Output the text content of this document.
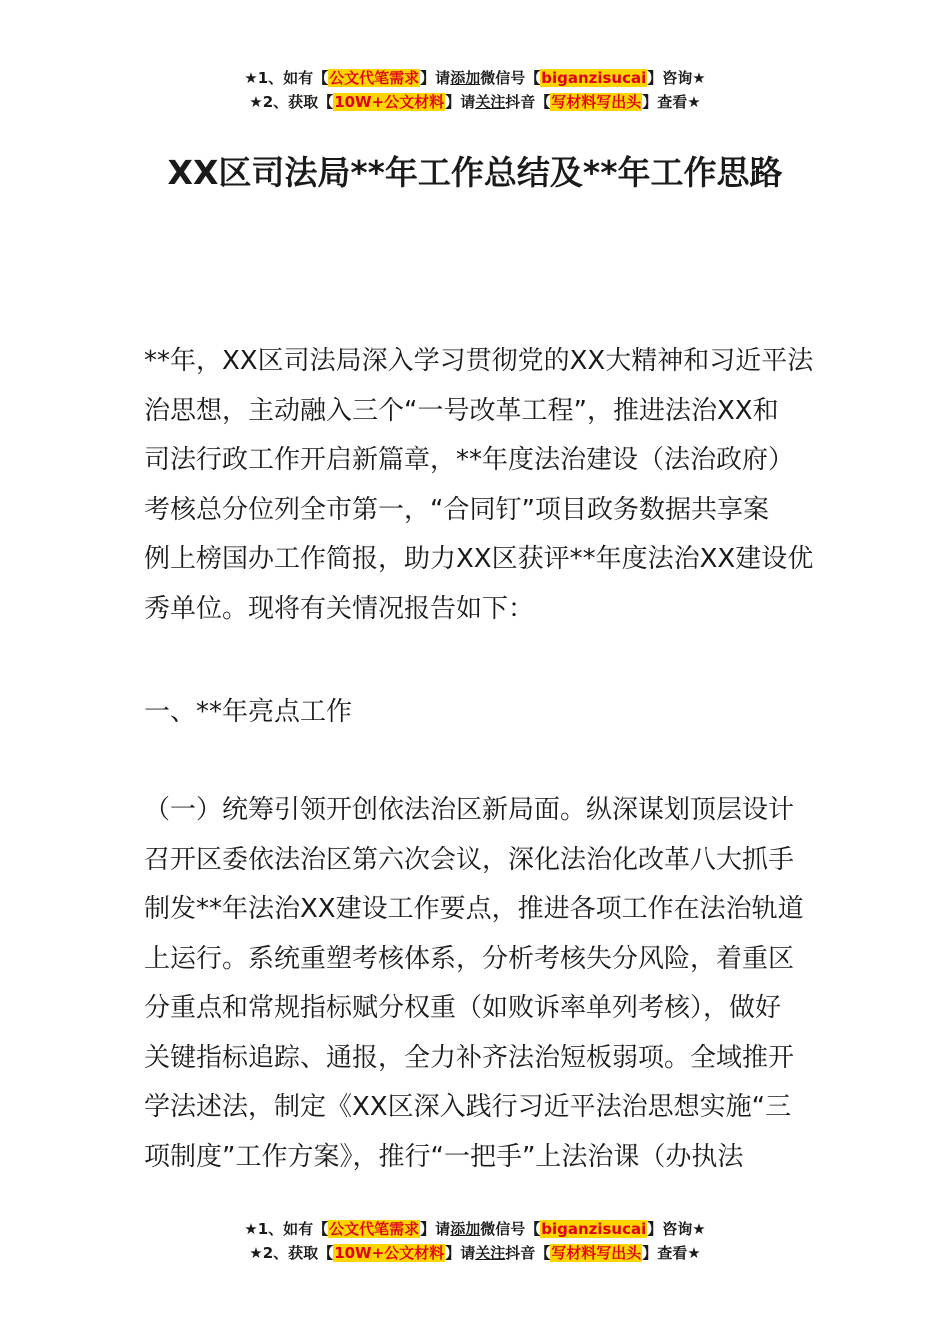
★1、如有【公文代笔需求】请添加微信号【biganzisucai】咨询★
★2、获取【10W+公文材料】请关注抖音【写材料写出头】查看★
XX区司法局**年工作总结及**年工作思路
**年，XX区司法局深入学习贯彻党的XX大精神和习近平法
治思想，主动融入三个“一号改革工程”，推进法治XX和
司法行政工作开启新篇章，**年度法治建设（法治政府）
考核总分位列全市第一，“合同钉”项目政务数据共享案
例上榜国办工作简报，助力XX区获评**年度法治XX建设优
秀单位。现将有关情况报告如下：
一、**年亮点工作
（一）统筹引领开创依法治区新局面。纵深谋划顶层设计
召开区委依法治区第六次会议，深化法治化改革八大抓手
制发**年法治XX建设工作要点，推进各项工作在法治轨道
上运行。系统重塑考核体系，分析考核失分风险，着重区
分重点和常规指标赋分权重（如败诉率单列考核），做好
关键指标追踪、通报，全力补齐法治短板弱项。全域推开
学法述法，制定《XX区深入践行习近平法治思想实施“三
项制度”工作方案》，推行“一把手”上法治课（办执法
★1、如有【公文代笔需求】请添加微信号【biganzisucai】咨询★
★2、获取【10W+公文材料】请关注抖音【写材料写出头】查看★
